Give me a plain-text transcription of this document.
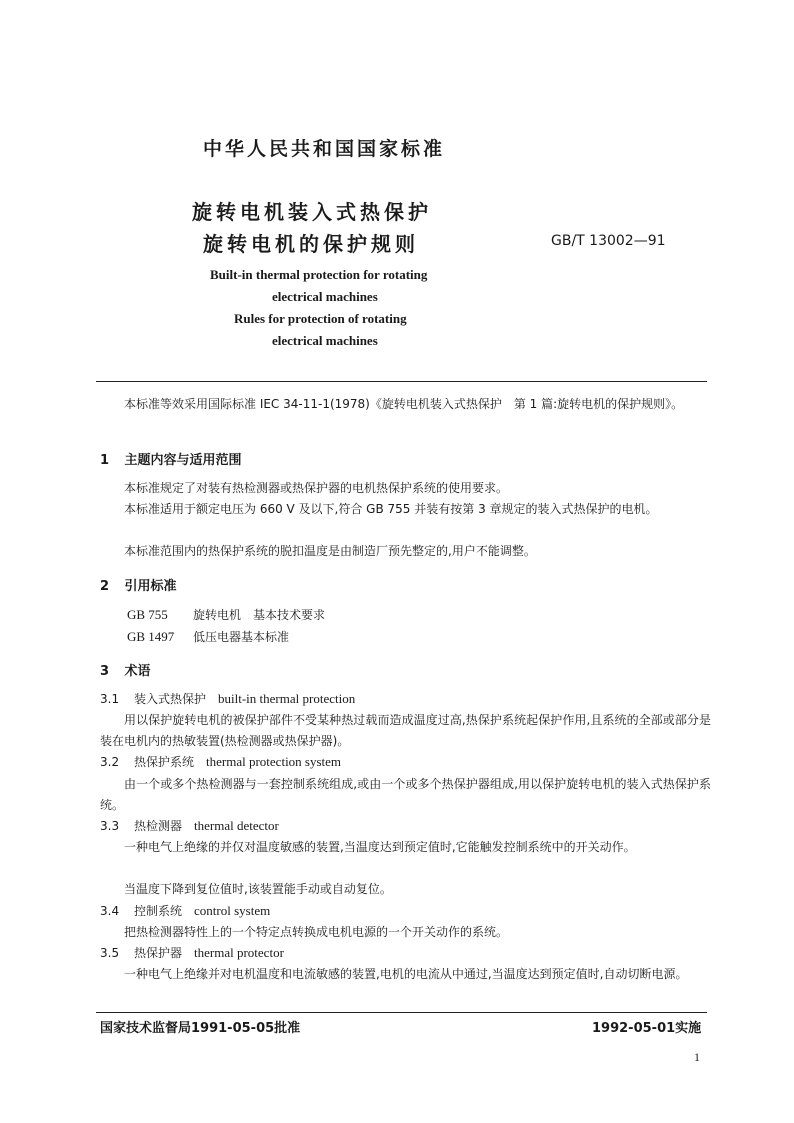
中华人民共和国国家标准
旋转电机装入式热保护
旋转电机的保护规则	GB/T 13002—91
Built-in thermal protection for rotating
electrical machines
Rules for protection of rotating
electrical machines
本标准等效采用国际标准 IEC 34-11-1(1978)《旋转电机装入式热保护　第 1 篇:旋转电机的保护规则》。
1 主题内容与适用范围
本标准规定了对装有热检测器或热保护器的电机热保护系统的使用要求。
本标准适用于额定电压为 660 V 及以下,符合 GB 755 并装有按第 3 章规定的装入式热保护的电机。
本标准范围内的热保护系统的脱扣温度是由制造厂预先整定的,用户不能调整。
2 引用标准
GB 755 旋转电机　基本技术要求
GB 1497 低压电器基本标准
3 术语
3.1 装入式热保护 built-in thermal protection
用以保护旋转电机的被保护部件不受某种热过载而造成温度过高,热保护系统起保护作用,且系统的全部或部分是装在电机内的热敏装置(热检测器或热保护器)。
3.2 热保护系统 thermal protection system
由一个或多个热检测器与一套控制系统组成,或由一个或多个热保护器组成,用以保护旋转电机的装入式热保护系统。
3.3 热检测器 thermal detector
一种电气上绝缘的并仅对温度敏感的装置,当温度达到预定值时,它能触发控制系统中的开关动作。
当温度下降到复位值时,该装置能手动或自动复位。
3.4 控制系统 control system
把热检测器特性上的一个特定点转换成电机电源的一个开关动作的系统。
3.5 热保护器 thermal protector
一种电气上绝缘并对电机温度和电流敏感的装置,电机的电流从中通过,当温度达到预定值时,自动切断电源。
国家技术监督局1991-05-05批准	1992-05-01实施
1
